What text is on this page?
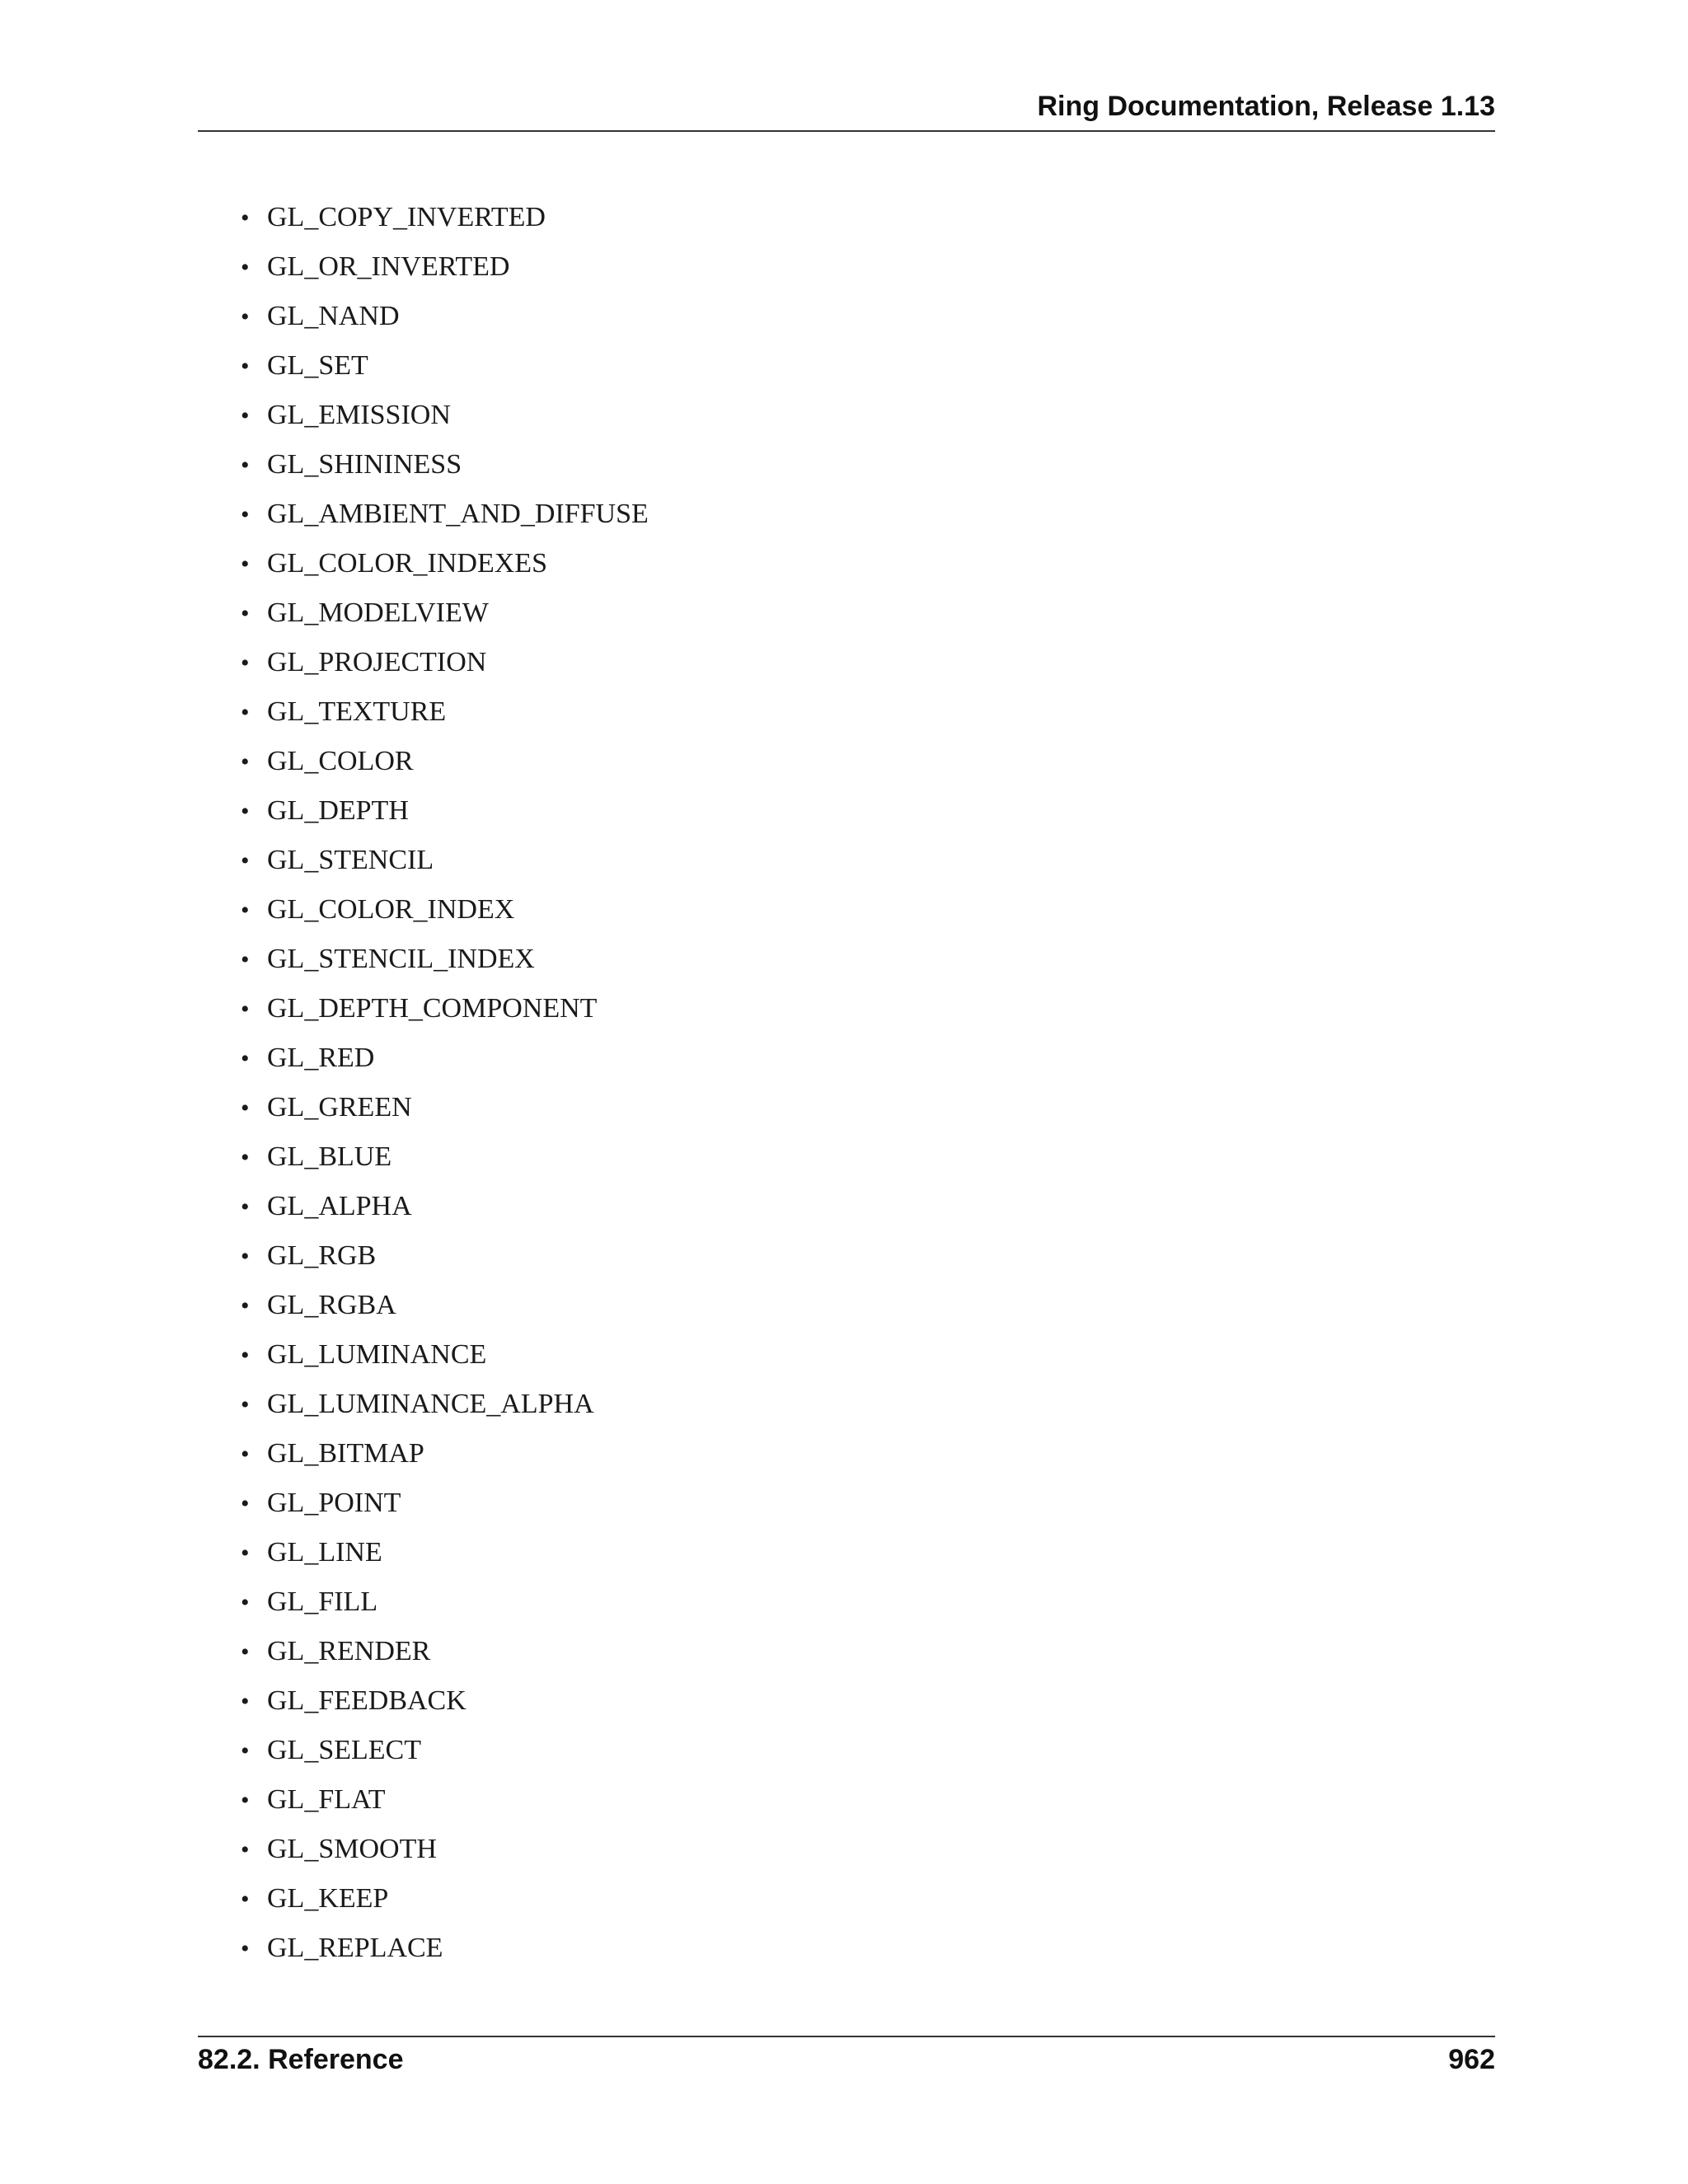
Ring Documentation, Release 1.13
• GL_COPY_INVERTED
• GL_OR_INVERTED
• GL_NAND
• GL_SET
• GL_EMISSION
• GL_SHININESS
• GL_AMBIENT_AND_DIFFUSE
• GL_COLOR_INDEXES
• GL_MODELVIEW
• GL_PROJECTION
• GL_TEXTURE
• GL_COLOR
• GL_DEPTH
• GL_STENCIL
• GL_COLOR_INDEX
• GL_STENCIL_INDEX
• GL_DEPTH_COMPONENT
• GL_RED
• GL_GREEN
• GL_BLUE
• GL_ALPHA
• GL_RGB
• GL_RGBA
• GL_LUMINANCE
• GL_LUMINANCE_ALPHA
• GL_BITMAP
• GL_POINT
• GL_LINE
• GL_FILL
• GL_RENDER
• GL_FEEDBACK
• GL_SELECT
• GL_FLAT
• GL_SMOOTH
• GL_KEEP
• GL_REPLACE
82.2. Reference	962
